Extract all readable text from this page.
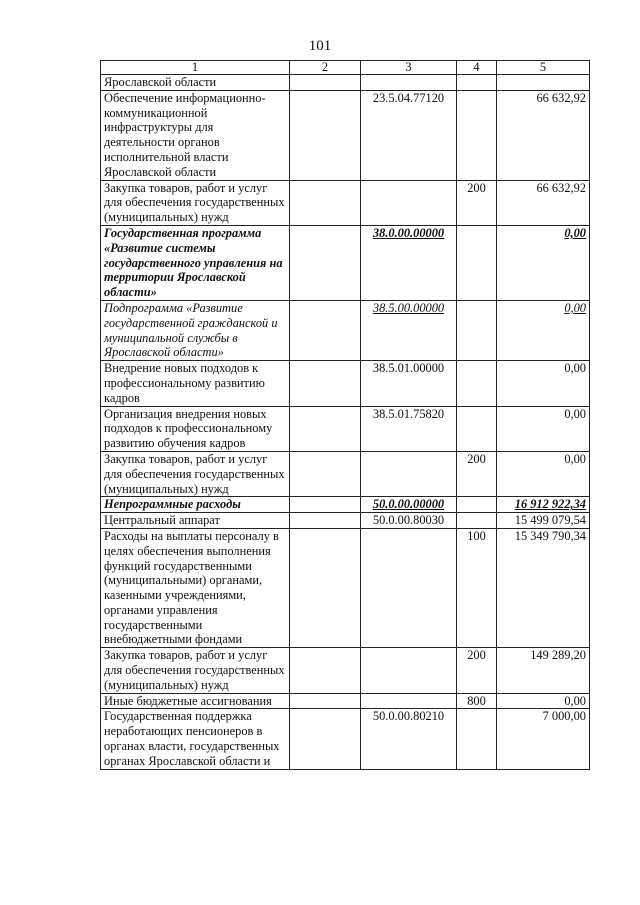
101
1	2	3	4	5
Ярославской области				
Обеспечение информационно-коммуникационной инфраструктуры для деятельности органов исполнительной власти Ярославской области		23.5.04.77120		66 632,92
Закупка товаров, работ и услуг для обеспечения государственных (муниципальных) нужд			200	66 632,92
Государственная программа «Развитие системы государственного управления на территории Ярославской области»		38.0.00.00000		0,00
Подпрограмма «Развитие государственной гражданской и муниципальной службы в Ярославской области»		38.5.00.00000		0,00
Внедрение новых подходов к профессиональному развитию кадров		38.5.01.00000		0,00
Организация внедрения новых подходов к профессиональному развитию обучения кадров		38.5.01.75820		0,00
Закупка товаров, работ и услуг для обеспечения государственных (муниципальных) нужд			200	0,00
Непрограммные расходы		50.0.00.00000		16 912 922,34
Центральный аппарат		50.0.00.80030		15 499 079,54
Расходы на выплаты персоналу в целях обеспечения выполнения функций государственными (муниципальными) органами, казенными учреждениями, органами управления государственными внебюджетными фондами			100	15 349 790,34
Закупка товаров, работ и услуг для обеспечения государственных (муниципальных) нужд			200	149 289,20
Иные бюджетные ассигнования			800	0,00
Государственная поддержка неработающих пенсионеров в органах власти, государственных органах Ярославской области и		50.0.00.80210		7 000,00
